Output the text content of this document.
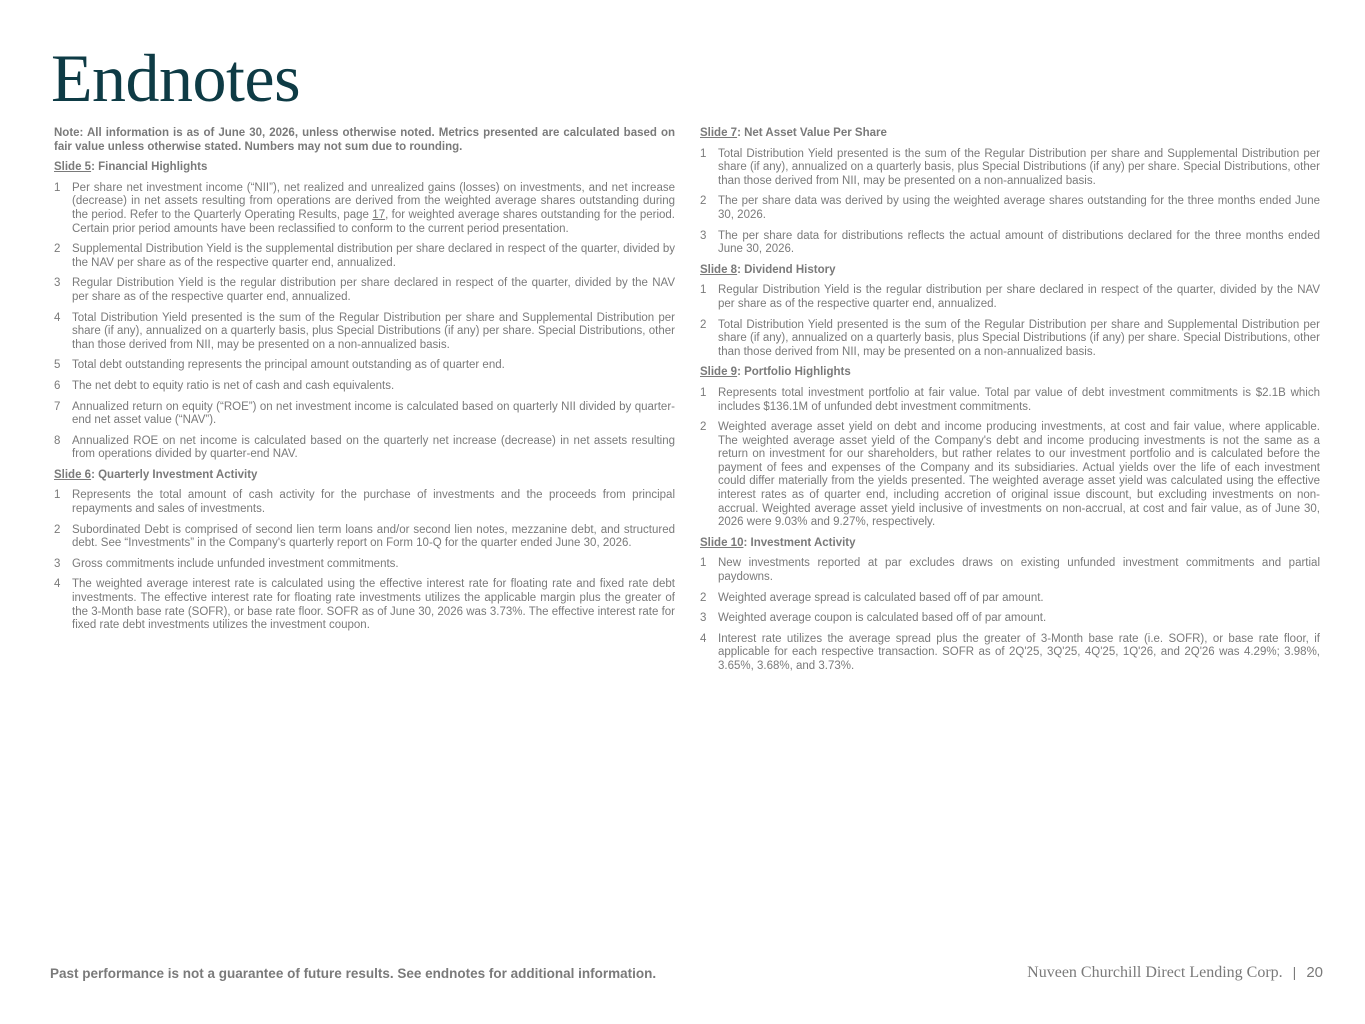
Endnotes

Note: All information is as of June 30, 2026, unless otherwise noted. Metrics presented are calculated based on fair value unless otherwise stated. Numbers may not sum due to rounding.

Slide 5: Financial Highlights
1	Per share net investment income (“NII”), net realized and unrealized gains (losses) on investments, and net increase (decrease) in net assets resulting from operations are derived from the weighted average shares outstanding during the period. Refer to the Quarterly Operating Results, page 17, for weighted average shares outstanding for the period. Certain prior period amounts have been reclassified to conform to the current period presentation.
2	Supplemental Distribution Yield is the supplemental distribution per share declared in respect of the quarter, divided by the NAV per share as of the respective quarter end, annualized.
3	Regular Distribution Yield is the regular distribution per share declared in respect of the quarter, divided by the NAV per share as of the respective quarter end, annualized.
4	Total Distribution Yield presented is the sum of the Regular Distribution per share and Supplemental Distribution per share (if any), annualized on a quarterly basis, plus Special Distributions (if any) per share. Special Distributions, other than those derived from NII, may be presented on a non-annualized basis.
5	Total debt outstanding represents the principal amount outstanding as of quarter end.
6	The net debt to equity ratio is net of cash and cash equivalents.
7	Annualized return on equity (“ROE”) on net investment income is calculated based on quarterly NII divided by quarter-end net asset value (“NAV”).
8	Annualized ROE on net income is calculated based on the quarterly net increase (decrease) in net assets resulting from operations divided by quarter-end NAV.
Slide 6: Quarterly Investment Activity
1	Represents the total amount of cash activity for the purchase of investments and the proceeds from principal repayments and sales of investments.
2	Subordinated Debt is comprised of second lien term loans and/or second lien notes, mezzanine debt, and structured debt. See “Investments” in the Company's quarterly report on Form 10-Q for the quarter ended June 30, 2026.
3	Gross commitments include unfunded investment commitments.
4	The weighted average interest rate is calculated using the effective interest rate for floating rate and fixed rate debt investments. The effective interest rate for floating rate investments utilizes the applicable margin plus the greater of the 3-Month base rate (SOFR), or base rate floor. SOFR as of June 30, 2026 was 3.73%. The effective interest rate for fixed rate debt investments utilizes the investment coupon.
Slide 7: Net Asset Value Per Share
1	Total Distribution Yield presented is the sum of the Regular Distribution per share and Supplemental Distribution per share (if any), annualized on a quarterly basis, plus Special Distributions (if any) per share. Special Distributions, other than those derived from NII, may be presented on a non-annualized basis.
2	The per share data was derived by using the weighted average shares outstanding for the three months ended June 30, 2026.
3	The per share data for distributions reflects the actual amount of distributions declared for the three months ended June 30, 2026.
Slide 8: Dividend History
1	Regular Distribution Yield is the regular distribution per share declared in respect of the quarter, divided by the NAV per share as of the respective quarter end, annualized.
2	Total Distribution Yield presented is the sum of the Regular Distribution per share and Supplemental Distribution per share (if any), annualized on a quarterly basis, plus Special Distributions (if any) per share. Special Distributions, other than those derived from NII, may be presented on a non-annualized basis.
Slide 9: Portfolio Highlights
1	Represents total investment portfolio at fair value. Total par value of debt investment commitments is $2.1B which includes $136.1M of unfunded debt investment commitments.
2	Weighted average asset yield on debt and income producing investments, at cost and fair value, where applicable. The weighted average asset yield of the Company's debt and income producing investments is not the same as a return on investment for our shareholders, but rather relates to our investment portfolio and is calculated before the payment of fees and expenses of the Company and its subsidiaries. Actual yields over the life of each investment could differ materially from the yields presented. The weighted average asset yield was calculated using the effective interest rates as of quarter end, including accretion of original issue discount, but excluding investments on non-accrual. Weighted average asset yield inclusive of investments on non-accrual, at cost and fair value, as of June 30, 2026 were 9.03% and 9.27%, respectively.
Slide 10: Investment Activity
1	New investments reported at par excludes draws on existing unfunded investment commitments and partial paydowns.
2	Weighted average spread is calculated based off of par amount.
3	Weighted average coupon is calculated based off of par amount.
4	Interest rate utilizes the average spread plus the greater of 3-Month base rate (i.e. SOFR), or base rate floor, if applicable for each respective transaction. SOFR as of 2Q'25, 3Q'25, 4Q'25, 1Q'26, and 2Q'26 was 4.29%; 3.98%, 3.65%, 3.68%, and 3.73%.
Past performance is not a guarantee of future results. See endnotes for additional information.	Nuveen Churchill Direct Lending Corp. | 20
